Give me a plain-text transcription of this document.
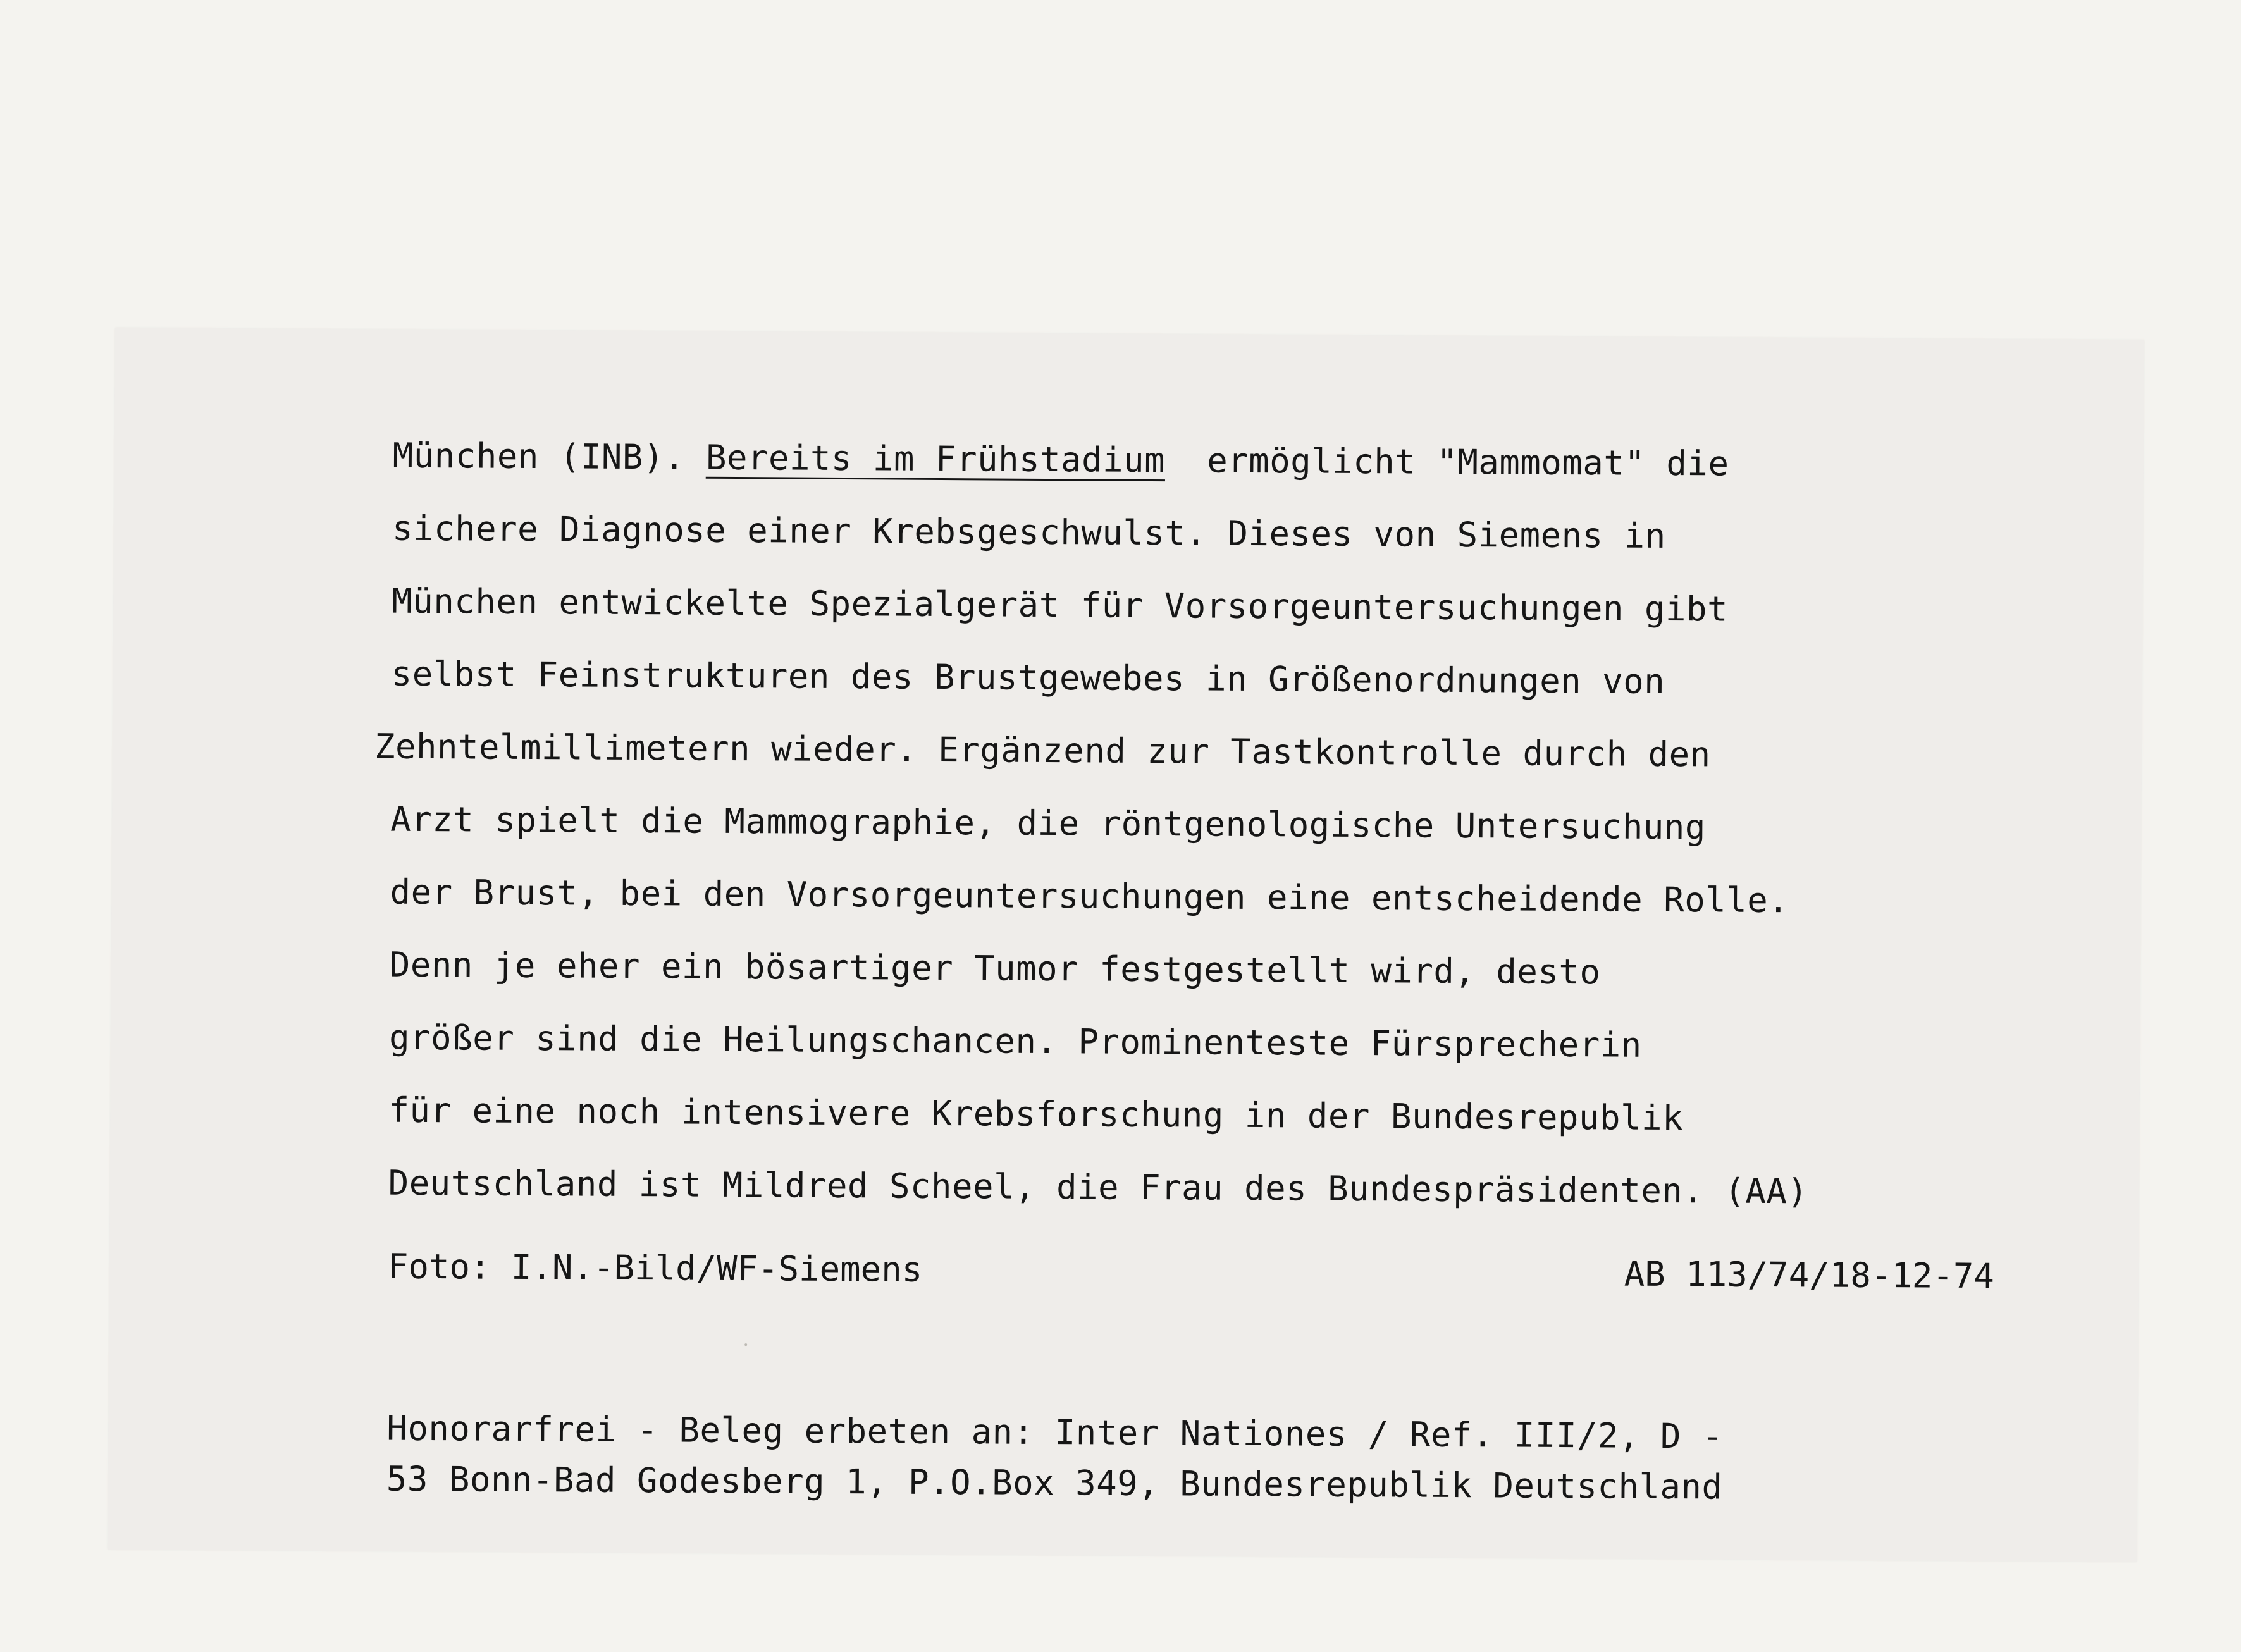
München (INB). Bereits im Frühstadium  ermöglicht "Mammomat" die
sichere Diagnose einer Krebsgeschwulst. Dieses von Siemens in
München entwickelte Spezialgerät für Vorsorgeuntersuchungen gibt
selbst Feinstrukturen des Brustgewebes in Größenordnungen von
Zehntelmillimetern wieder. Ergänzend zur Tastkontrolle durch den
Arzt spielt die Mammographie, die röntgenologische Untersuchung
der Brust, bei den Vorsorgeuntersuchungen eine entscheidende Rolle.
Denn je eher ein bösartiger Tumor festgestellt wird, desto
größer sind die Heilungschancen. Prominenteste Fürsprecherin
für eine noch intensivere Krebsforschung in der Bundesrepublik
Deutschland ist Mildred Scheel, die Frau des Bundespräsidenten. (AA)
Foto: I.N.-Bild/WF-Siemens	AB 113/74/18-12-74
Honorarfrei - Beleg erbeten an: Inter Nationes / Ref. III/2, D -
53 Bonn-Bad Godesberg 1, P.O.Box 349, Bundesrepublik Deutschland
